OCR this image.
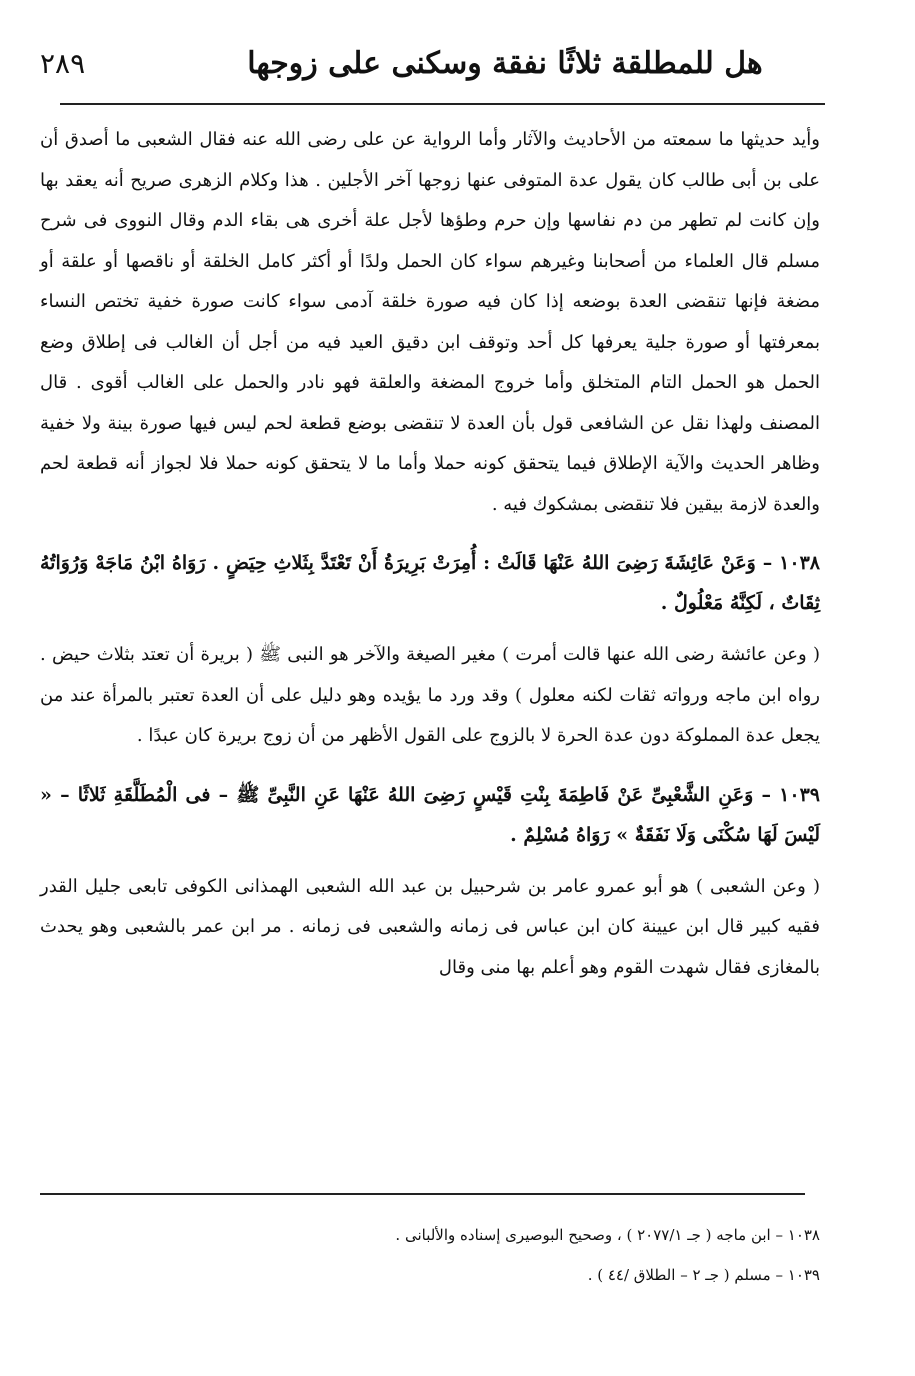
هل للمطلقة ثلاثًا نفقة وسكنى على زوجها
٢٨٩

وأيد حديثها ما سمعته من الأحاديث والآثار وأما الرواية عن على رضى الله عنه فقال الشعبى ما أصدق أن على بن أبى طالب كان يقول عدة المتوفى عنها زوجها آخر الأجلين . هذا وكلام الزهرى صريح أنه يعقد بها وإن كانت لم تطهر من دم نفاسها وإن حرم وطؤها لأجل علة أخرى هى بقاء الدم وقال النووى فى شرح مسلم قال العلماء من أصحابنا وغيرهم سواء كان الحمل ولدًا أو أكثر كامل الخلقة أو ناقصها أو علقة أو مضغة فإنها تنقضى العدة بوضعه إذا كان فيه صورة خلقة آدمى سواء كانت صورة خفية تختص النساء بمعرفتها أو صورة جلية يعرفها كل أحد وتوقف ابن دقيق العيد فيه من أجل أن الغالب فى إطلاق وضع الحمل هو الحمل التام المتخلق وأما خروج المضغة والعلقة فهو نادر والحمل على الغالب أقوى . قال المصنف ولهذا نقل عن الشافعى قول بأن العدة لا تنقضى بوضع قطعة لحم ليس فيها صورة بينة ولا خفية وظاهر الحديث والآية الإطلاق فيما يتحقق كونه حملا وأما ما لا يتحقق كونه حملا فلا لجواز أنه قطعة لحم والعدة لازمة بيقين فلا تنقضى بمشكوك فيه .

١٠٣٨ – وَعَنْ عَائِشَةَ رَضِىَ اللهُ عَنْهَا قَالَتْ : أُمِرَتْ بَرِيرَةُ أَنْ تَعْتَدَّ بِثَلاثِ حِيَضٍ . رَوَاهُ ابْنُ مَاجَهْ وَرُوَاتُهُ ثِقَاتٌ ، لَكِنَّهُ مَعْلُولٌ .

( وعن عائشة رضى الله عنها قالت أمرت ) مغير الصيغة والآخر هو النبى ﷺ ( بريرة أن تعتد بثلاث حيض . رواه ابن ماجه ورواته ثقات لكنه معلول ) وقد ورد ما يؤيده وهو دليل على أن العدة تعتبر بالمرأة عند من يجعل عدة المملوكة دون عدة الحرة لا بالزوج على القول الأظهر من أن زوج بريرة كان عبدًا .

١٠٣٩ – وَعَنِ الشَّعْبِىِّ عَنْ فَاطِمَةَ بِنْتِ قَيْسٍ رَضِىَ اللهُ عَنْهَا عَنِ النَّبِىِّ ﷺ – فى الْمُطَلَّقَةِ ثَلاثًا – « لَيْسَ لَهَا سُكْنَى وَلَا نَفَقَةٌ » رَوَاهُ مُسْلِمٌ .

( وعن الشعبى ) هو أبو عمرو عامر بن شرحبيل بن عبد الله الشعبى الهمذانى الكوفى تابعى جليل القدر فقيه كبير قال ابن عيينة كان ابن عباس فى زمانه والشعبى فى زمانه . مر ابن عمر بالشعبى وهو يحدث بالمغازى فقال شهدت القوم وهو أعلم بها منى وقال

١٠٣٨ – ابن ماجه ( جـ ٢٠٧٧/١ ) ، وصحيح البوصيرى إسناده والألبانى .

١٠٣٩ – مسلم ( جـ ٢ – الطلاق /٤٤ ) .
